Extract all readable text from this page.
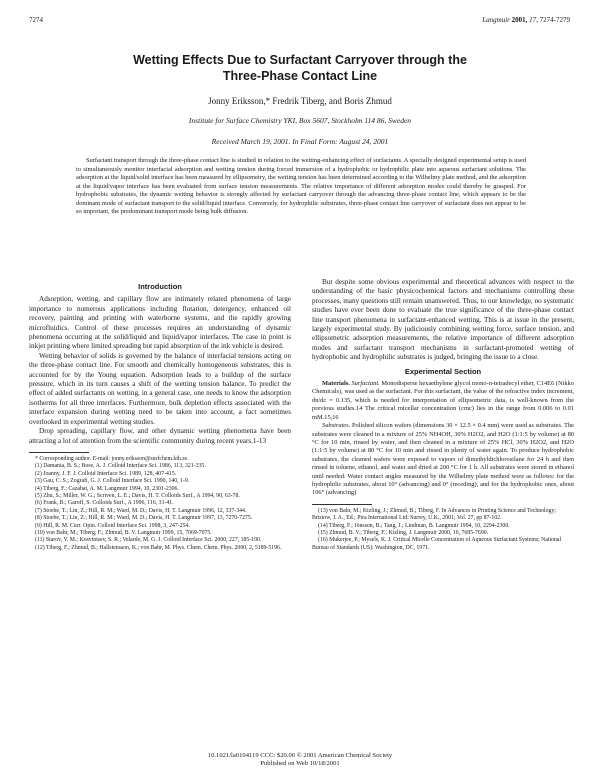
7274	Langmuir 2001, 17, 7274-7279
Wetting Effects Due to Surfactant Carryover through the
Three-Phase Contact Line
Jonny Eriksson,* Fredrik Tiberg, and Boris Zhmud
Institute for Surface Chemistry YKI, Box 5607, Stockholm 114 86, Sweden
Received March 19, 2001. In Final Form: August 24, 2001

Surfactant transport through the three-phase contact line is studied in relation to the wetting-enhancing effect of surfactants. A specially designed experimental setup is used to simultaneously monitor interfacial adsorption and wetting tension during forced immersion of a hydrophobic or hydrophilic plate into aqueous surfactant solutions. The adsorption at the liquid/solid interface has been measured by ellipsometry, the wetting tension has been determined according to the Wilhelmy plate method, and the adsorption at the liquid/vapor interface has been evaluated from surface tension measurements. The relative importance of different adsorption modes could thereby be grasped. For hydrophobic substrates, the dynamic wetting behavior is strongly affected by surfactant carryover through the advancing three-phase contact line, which appears to be the dominant mode of surfactant transport to the solid/liquid interface. Conversely, for hydrophilic substrates, three-phase contact line carryover of surfactant does not appear to be so important, the predominant transport mode being bulk diffusion.

Introduction

Adsorption, wetting, and capillary flow are intimately related phenomena of large importance to numerous applications including flotation, detergency, enhanced oil recovery, painting and printing with waterborne systems, and the rapidly growing microfluidics. Control of these processes requires an understanding of dynamic phenomena occurring at the solid/liquid and liquid/vapor interfaces. The case in point is inkjet printing where limited spreading but rapid absorption of the ink vehicle is desired.

Wetting behavior of solids is governed by the balance of interfacial tensions acting on the three-phase contact line. For smooth and chemically homogeneous substrates, this is accounted for by the Young equation. Adsorption leads to a buildup of the surface pressure, which in its turn causes a shift of the wetting tension balance. To predict the effect of added surfactants on wetting, in a general case, one needs to know the adsorption isotherms for all three interfaces. Furthermore, bulk depletion effects associated with the interface expansion during wetting need to be taken into account, a fact sometimes overlooked in experimental wetting studies.

Drop spreading, capillary flow, and other dynamic wetting phenomena have been attracting a lot of attention from the scientific community during recent years.1-13

* Corresponding author. E-mail: jonny.eriksson@surfchem.kth.se.

(1) Damania, B. S.; Bose, A. J. Colloid Interface Sci. 1986, 113, 321-335.

(2) Joanny, J. F. J. Colloid Interface Sci. 1989, 128, 407-415.

(3) Gau, C. S.; Zografi, G. J. Colloid Interface Sci. 1990, 140, 1-9.

(4) Tiberg, F.; Cazabat, A. M. Langmuir 1994, 10, 2301-2306.

(5) Zhu, S.; Miller, W. G.; Scriven, L. E.; Davis, H. T. Colloids Surf., A 1994, 90, 63-78.

(6) Frank, B.; Garoff, S. Colloids Surf., A 1996, 116, 31-41.

(7) Stoebe, T.; Lin, Z.; Hill, R. M.; Ward, M. D.; Davis, H. T. Langmuir 1996, 12, 337-344.

(8) Stoebe, T.; Lin, Z.; Hill, R. M.; Ward, M. D.; Davis, H. T. Langmuir 1997, 13, 7270-7275.

(9) Hill, R. M. Curr. Opin. Colloid Interface Sci. 1998, 3, 247-254.

(10) von Bahr, M.; Tiberg, F.; Zhmud, B. V. Langmuir 1999, 15, 7069-7075.

(11) Starov, V. M.; Kosvintsev, S. R.; Velarde, M. G. J. Colloid Interface Sci. 2000, 227, 185-190.

(12) Tiberg, F.; Zhmud, B.; Hallstensson, K.; von Bahr, M. Phys. Chem. Chem. Phys. 2000, 2, 5189-5196.

But despite some obvious experimental and theoretical advances with respect to the understanding of the basic physicochemical factors and mechanisms controlling these processes, many questions still remain unanswered. Thus, to our knowledge, no systematic studies have ever been done to evaluate the true significance of the three-phase contact line transport phenomena in surfactant-enhanced wetting. This is at issue in the present, largely experimental study. By judiciously combining wetting force, surface tension, and ellipsometric adsorption measurements, the relative importance of different adsorption modes and surfactant transport mechanisms in surfactant-promoted wetting of hydrophobic and hydrophilic substrates is judged, bringing the issue to a close.

Experimental Section

Materials. Surfactant. Monodisperse hexaethylene glycol mono-n-tetradecyl ether, C14E6 (Nikko Chemicals), was used as the surfactant. For this surfactant, the value of the refractive index increment, dn/dc = 0.135, which is needed for interpretation of ellipsometric data, is well-known from the previous studies.14 The critical micellar concentration (cmc) lies in the range from 0.006 to 0.01 mM.15,16

Substrates. Polished silicon wafers (dimensions 30 × 12.5 × 0.4 mm) were used as substrates. The substrates were cleaned in a mixture of 25% NH4OH, 30% H2O2, and H2O (1:1:5 by volume) at 80 °C for 10 min, rinsed by water, and then cleaned in a mixture of 25% HCl, 30% H2O2, and H2O (1:1:5 by volume) at 80 °C for 10 min and rinsed in plenty of water again. To produce hydrophobic substrates, the cleaned wafers were exposed to vapors of dimethyldichlorosilane for 24 h and then rinsed in toluene, ethanol, and water and dried at 200 °C for 1 h. All substrates were stored in ethanol until needed. Water contact angles measured by the Wilhelmy plate method were as follows: for the hydrophilic substrates, about 10° (advancing) and 0° (receding), and for the hydrophobic ones, about 106° (advancing)

(13) von Bahr, M.; Kizling, J.; Zhmud, B.; Tiberg, F. In Advances in Printing Science and Technology; Bristow, J. A., Ed.; Pira International Ltd: Surrey, U.K., 2001; Vol. 27, pp 87-102.

(14) Tiberg, F.; Jönsson, B.; Tang, J.; Lindman, B. Langmuir 1994, 10, 2294-2300.

(15) Zhmud, B. V.; Tiberg, F.; Kizling, J. Langmuir 2000, 16, 7685-7690.

(16) Mukerjee, P.; Mysels, K. J. Critical Micelle Concentration of Aqueous Surfactant Systems; National Bureau of Standards (US): Washington, DC, 1971.

10.1021/la0104119 CCC: $20.00 © 2001 American Chemical Society
Published on Web 10/18/2001
